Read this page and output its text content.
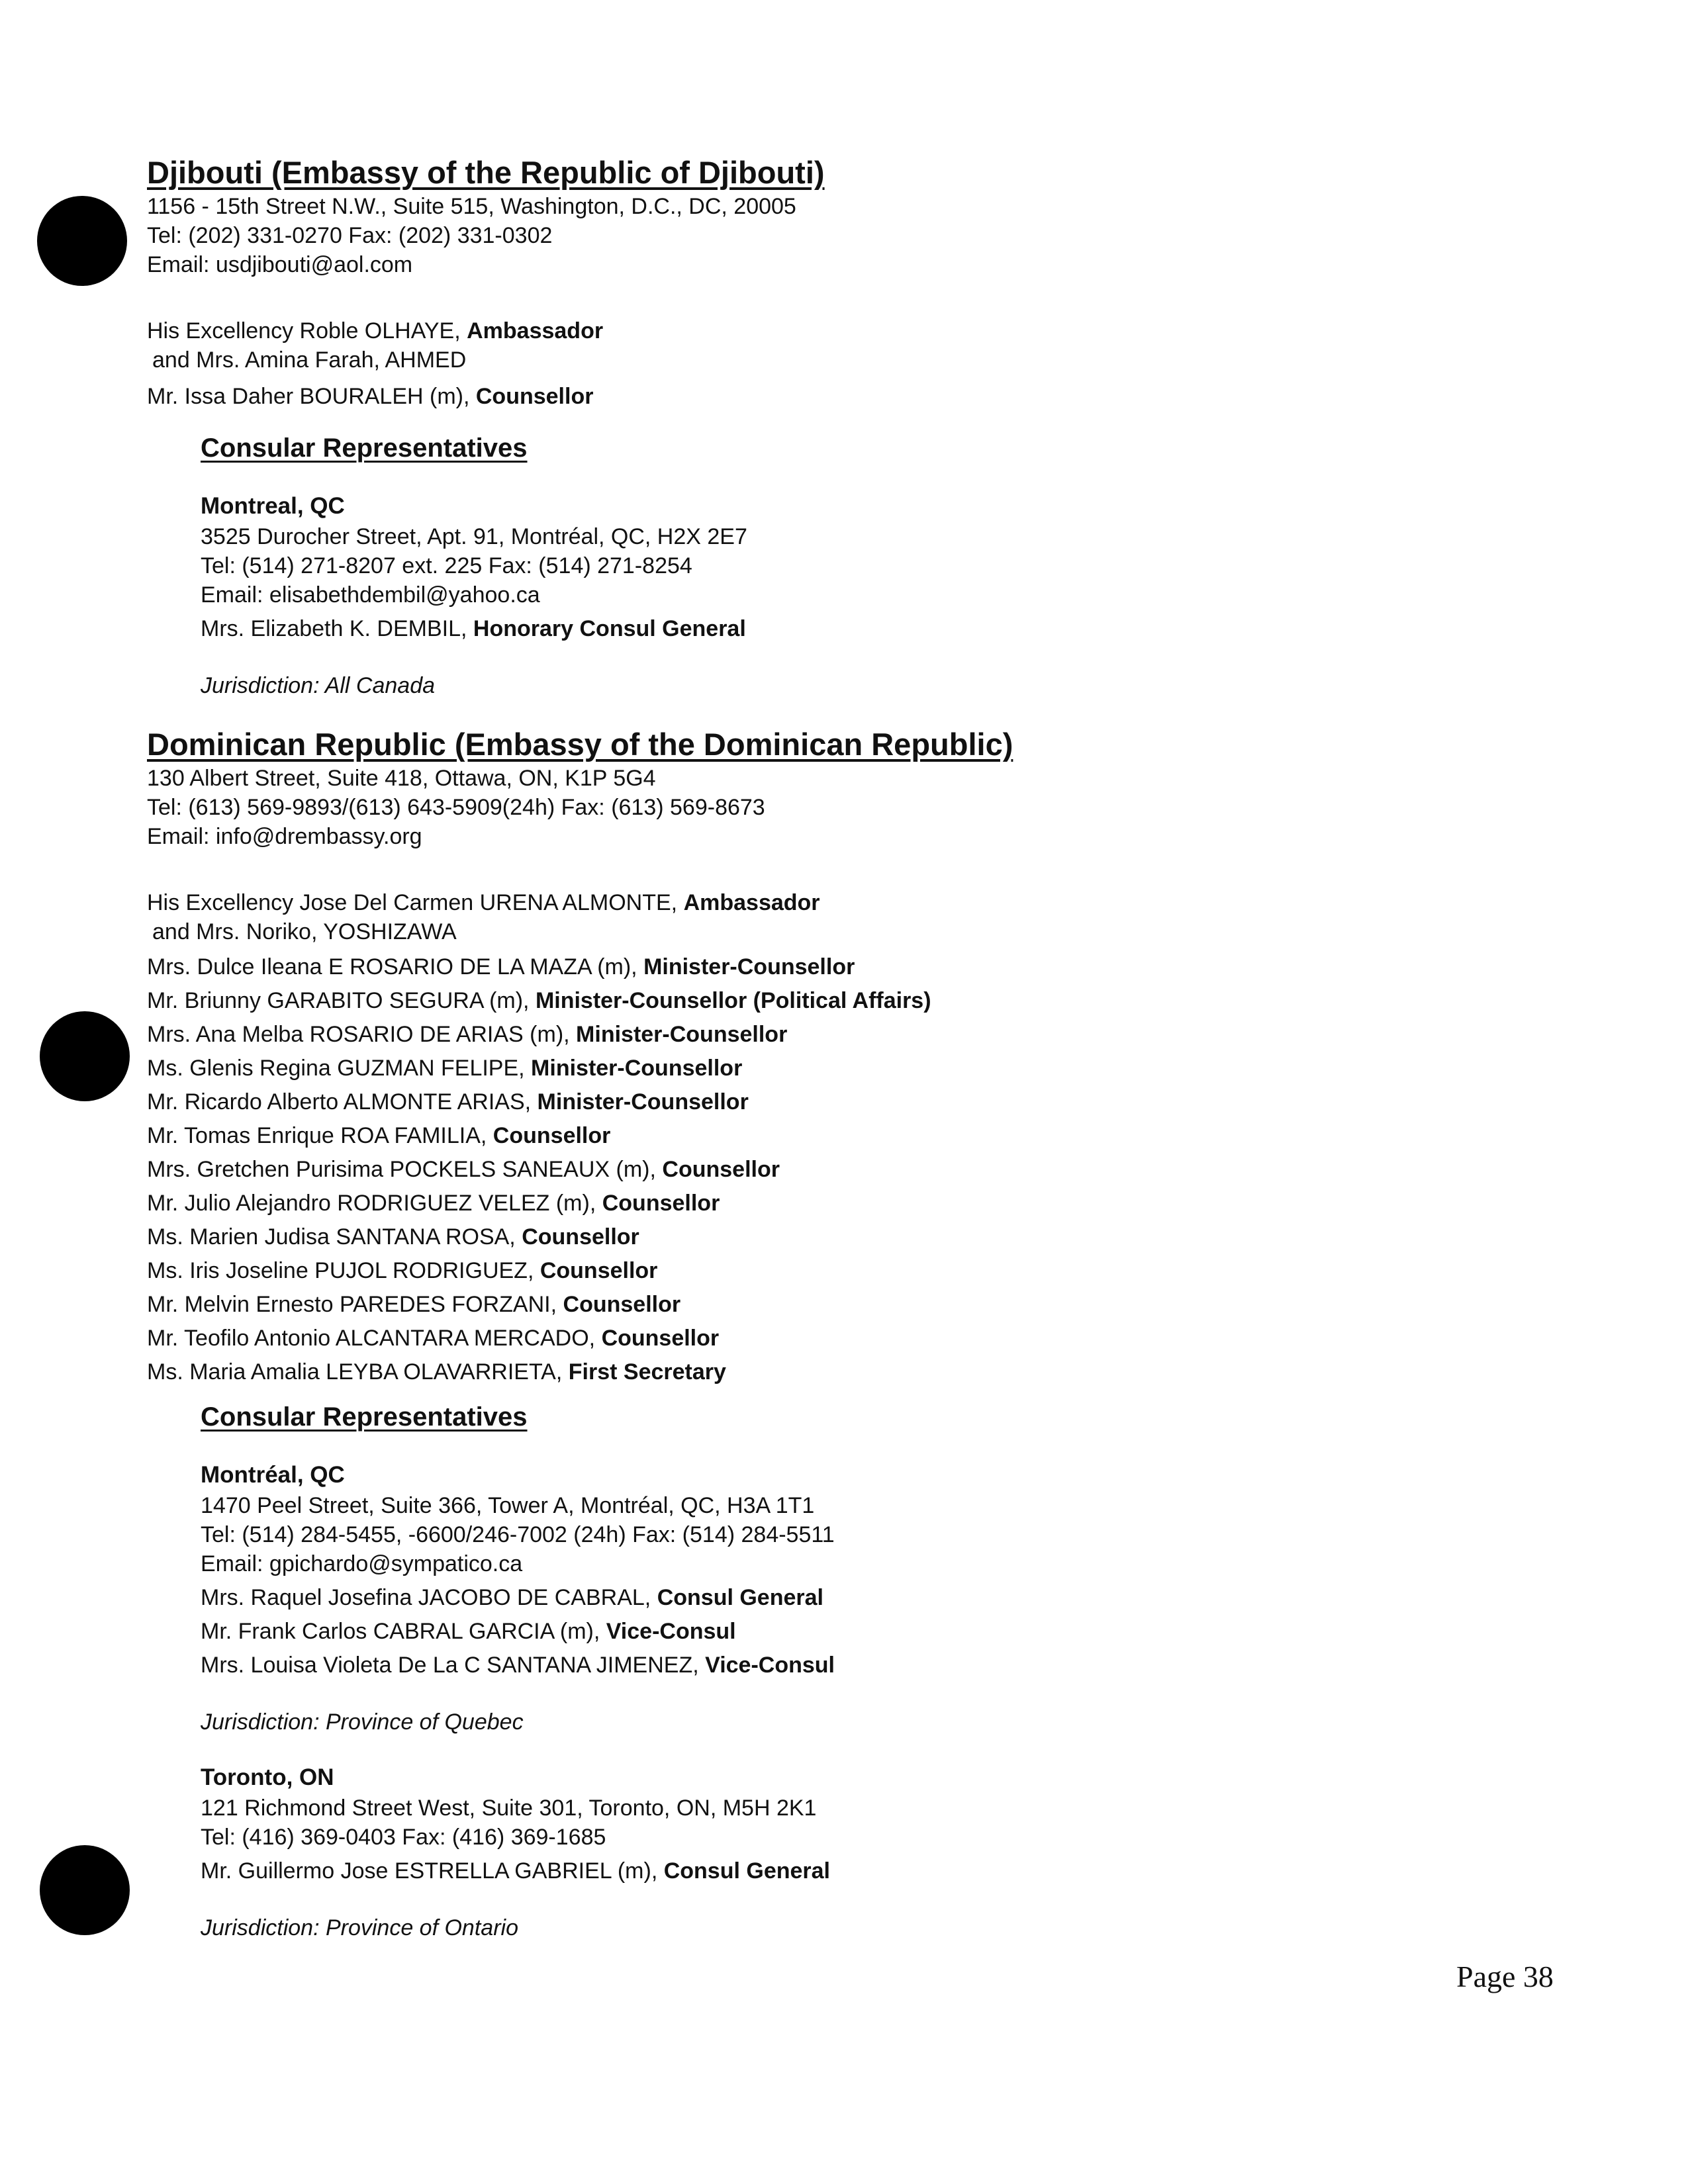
Djibouti (Embassy of the Republic of Djibouti)
1156 - 15th Street N.W., Suite 515, Washington, D.C., DC, 20005
Tel: (202) 331-0270 Fax: (202) 331-0302
Email: usdjibouti@aol.com
His Excellency Roble OLHAYE, Ambassador
and Mrs. Amina Farah, AHMED
Mr. Issa Daher BOURALEH (m), Counsellor
Consular Representatives
Montreal, QC
3525 Durocher Street, Apt. 91, Montréal, QC, H2X 2E7
Tel: (514) 271-8207 ext. 225 Fax: (514) 271-8254
Email: elisabethdembil@yahoo.ca
Mrs. Elizabeth K. DEMBIL, Honorary Consul General
Jurisdiction: All Canada
Dominican Republic (Embassy of the Dominican Republic)
130 Albert Street, Suite 418, Ottawa, ON, K1P 5G4
Tel: (613) 569-9893/(613) 643-5909(24h) Fax: (613) 569-8673
Email: info@drembassy.org
His Excellency Jose Del Carmen URENA ALMONTE, Ambassador
and Mrs. Noriko, YOSHIZAWA
Mrs. Dulce Ileana E ROSARIO DE LA MAZA (m), Minister-Counsellor
Mr. Briunny GARABITO SEGURA (m), Minister-Counsellor (Political Affairs)
Mrs. Ana Melba ROSARIO DE ARIAS (m), Minister-Counsellor
Ms. Glenis Regina GUZMAN FELIPE, Minister-Counsellor
Mr. Ricardo Alberto ALMONTE ARIAS, Minister-Counsellor
Mr. Tomas Enrique ROA FAMILIA, Counsellor
Mrs. Gretchen Purisima POCKELS SANEAUX (m), Counsellor
Mr. Julio Alejandro RODRIGUEZ VELEZ (m), Counsellor
Ms. Marien Judisa SANTANA ROSA, Counsellor
Ms. Iris Joseline PUJOL RODRIGUEZ, Counsellor
Mr. Melvin Ernesto PAREDES FORZANI, Counsellor
Mr. Teofilo Antonio ALCANTARA MERCADO, Counsellor
Ms. Maria Amalia LEYBA OLAVARRIETA, First Secretary
Consular Representatives
Montréal, QC
1470 Peel Street, Suite 366, Tower A, Montréal, QC, H3A 1T1
Tel: (514) 284-5455, -6600/246-7002 (24h) Fax: (514) 284-5511
Email: gpichardo@sympatico.ca
Mrs. Raquel Josefina JACOBO DE CABRAL, Consul General
Mr. Frank Carlos CABRAL GARCIA (m), Vice-Consul
Mrs. Louisa Violeta De La C SANTANA JIMENEZ, Vice-Consul
Jurisdiction: Province of Quebec
Toronto, ON
121 Richmond Street West, Suite 301, Toronto, ON, M5H 2K1
Tel: (416) 369-0403 Fax: (416) 369-1685
Mr. Guillermo Jose ESTRELLA GABRIEL (m), Consul General
Jurisdiction: Province of Ontario
Page 38
